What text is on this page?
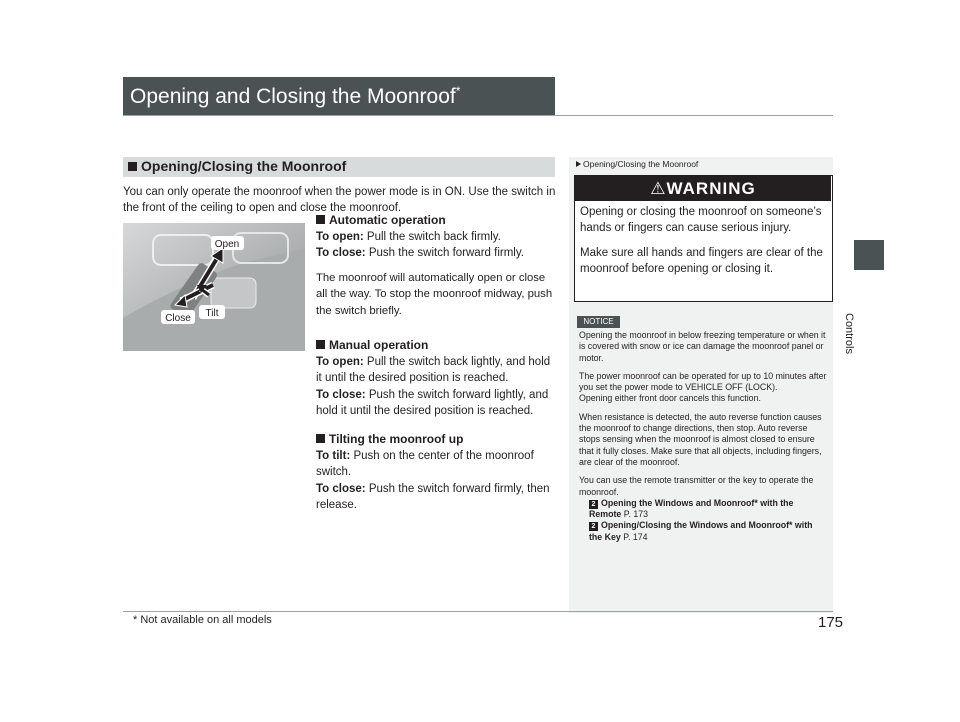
Opening and Closing the Moonroof*
Controls
Opening/Closing the Moonroof
You can only operate the moonroof when the power mode is in ON. Use the switch in the front of the ceiling to open and close the moonroof.
Open
Tilt
Close
Automatic operation
To open: Pull the switch back firmly.
To close: Push the switch forward firmly.
The moonroof will automatically open or close all the way. To stop the moonroof midway, push the switch briefly.
Manual operation
To open: Pull the switch back lightly, and hold it until the desired position is reached.
To close: Push the switch forward lightly, and hold it until the desired position is reached.
Tilting the moonroof up
To tilt: Push on the center of the moonroof switch.
To close: Push the switch forward firmly, then release.
Opening/Closing the Moonroof
⚠WARNING
Opening or closing the moonroof on someone’s hands or fingers can cause serious injury.
Make sure all hands and fingers are clear of the moonroof before opening or closing it.
NOTICE

Opening the moonroof in below freezing temperature or when it is covered with snow or ice can damage the moonroof panel or motor.

The power moonroof can be operated for up to 10 minutes after you set the power mode to VEHICLE OFF (LOCK).

Opening either front door cancels this function.

When resistance is detected, the auto reverse function causes the moonroof to change directions, then stop. Auto reverse stops sensing when the moonroof is almost closed to ensure that it fully closes. Make sure that all objects, including fingers, are clear of the moonroof.

You can use the remote transmitter or the key to operate the moonroof.

2 Opening the Windows and Moonroof* with the Remote P. 173
2 Opening/Closing the Windows and Moonroof* with the Key P. 174
* Not available on all models	175
